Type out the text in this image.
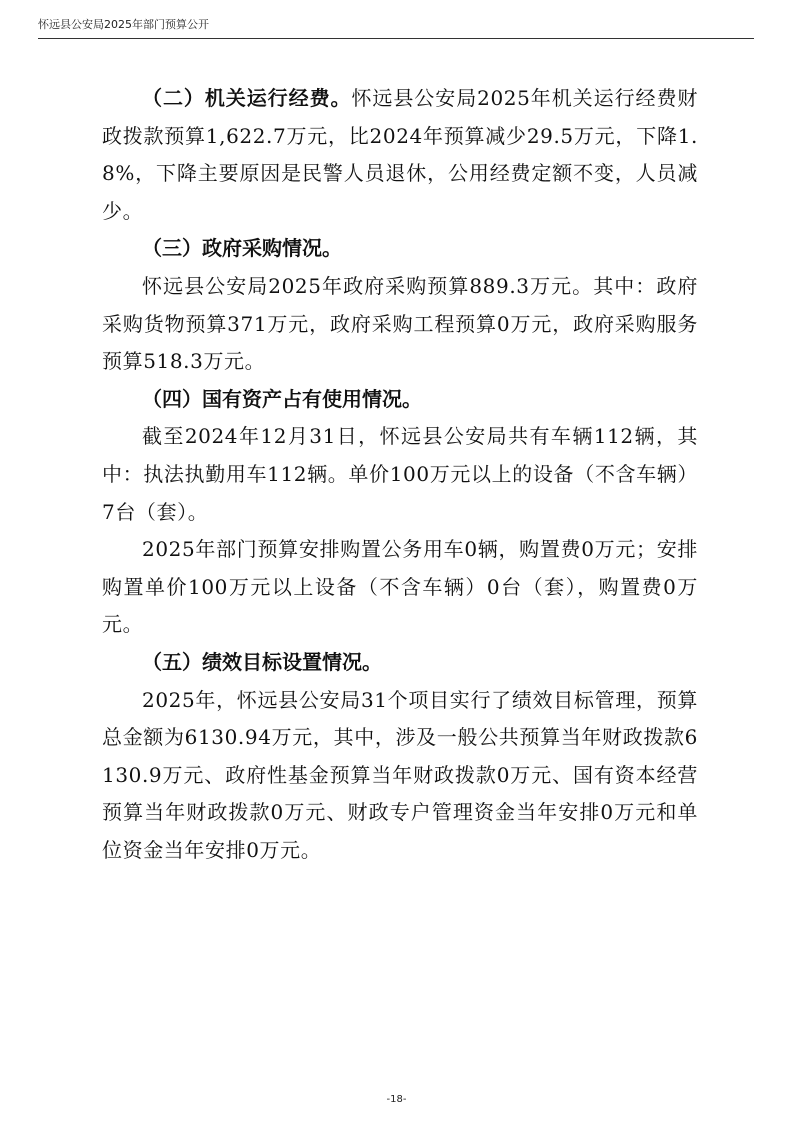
怀远县公安局2025年部门预算公开

（二）机关运行经费。怀远县公安局2025年机关运行经费财政拨款预算1,622.7万元，比2024年预算减少29.5万元，下降1.8%，下降主要原因是民警人员退休，公用经费定额不变，人员减少。

（三）政府采购情况。

怀远县公安局2025年政府采购预算889.3万元。其中：政府采购货物预算371万元，政府采购工程预算0万元，政府采购服务预算518.3万元。

（四）国有资产占有使用情况。

截至2024年12月31日，怀远县公安局共有车辆112辆，其中：执法执勤用车112辆。单价100万元以上的设备（不含车辆）7台（套）。

2025年部门预算安排购置公务用车0辆，购置费0万元；安排购置单价100万元以上设备（不含车辆）0台（套），购置费0万元。

（五）绩效目标设置情况。

2025年，怀远县公安局31个项目实行了绩效目标管理，预算总金额为6130.94万元，其中，涉及一般公共预算当年财政拨款6130.9万元、政府性基金预算当年财政拨款0万元、国有资本经营预算当年财政拨款0万元、财政专户管理资金当年安排0万元和单位资金当年安排0万元。

-18-
